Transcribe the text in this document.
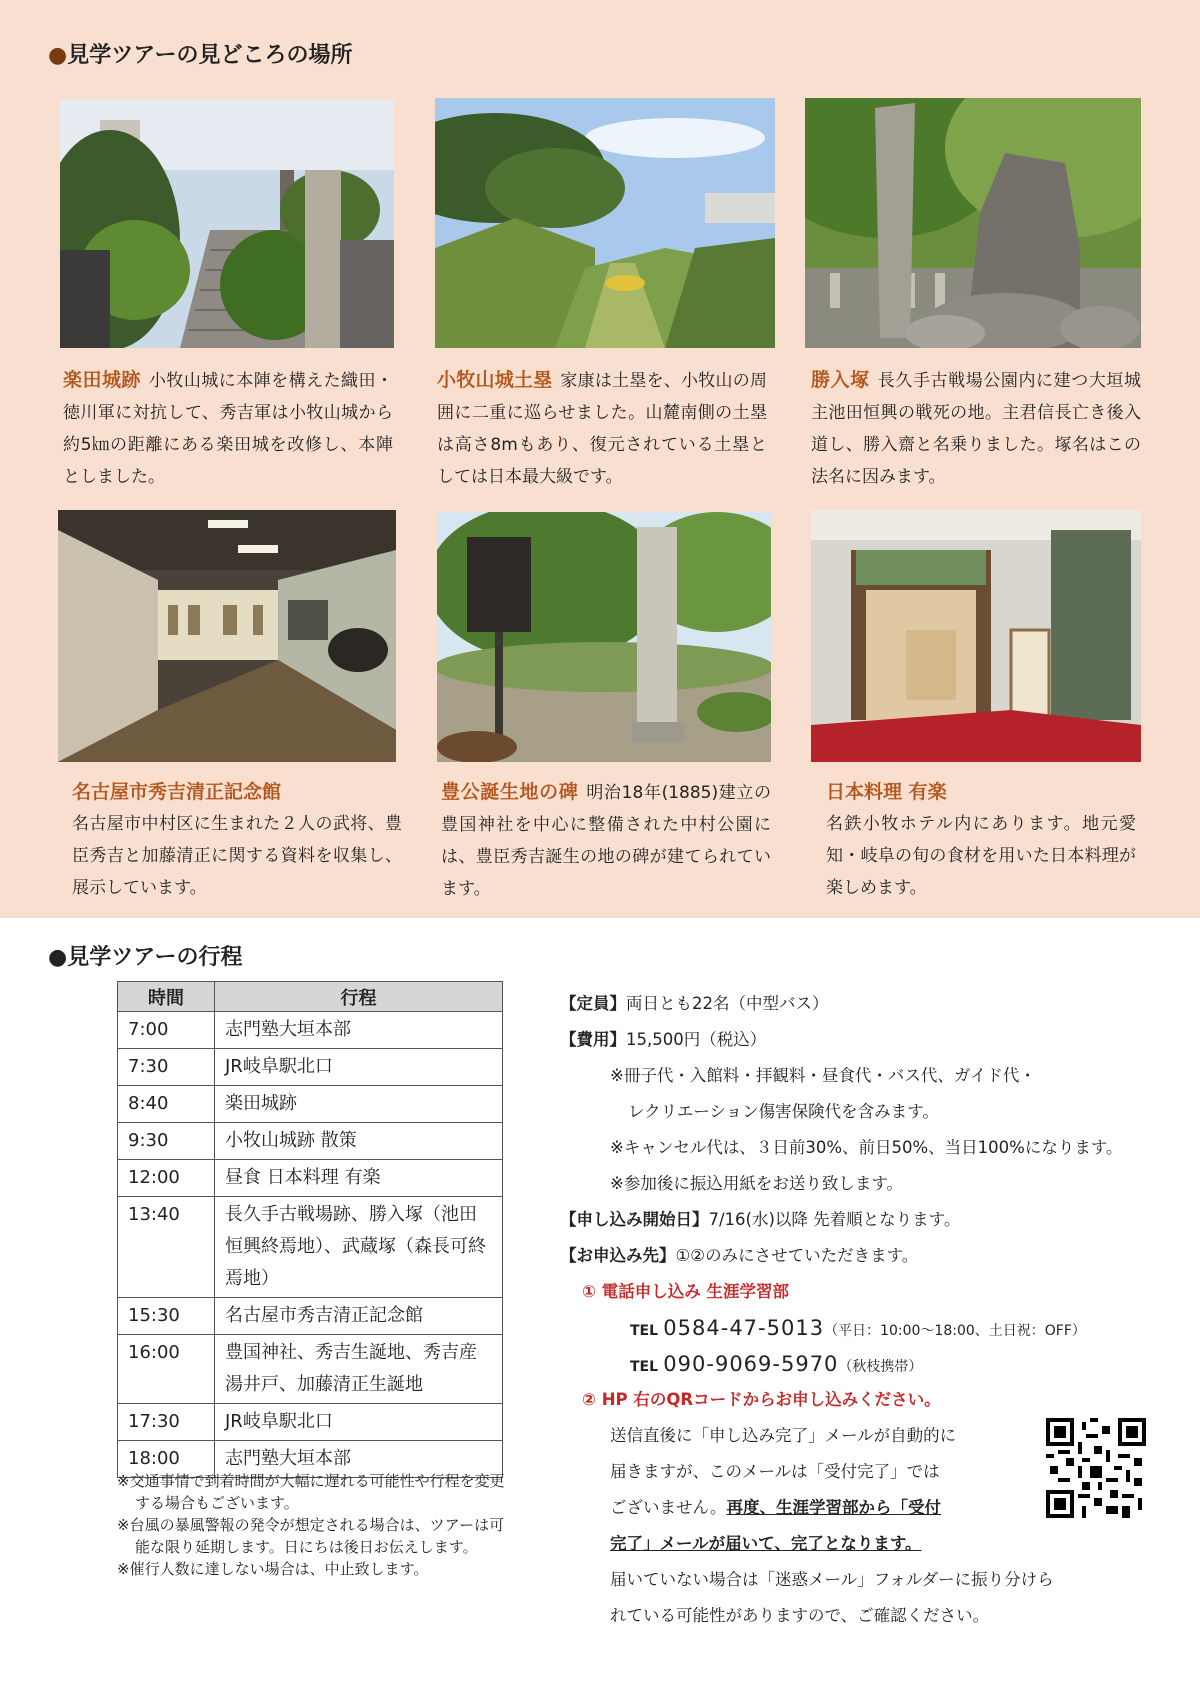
●見学ツアーの見どころの場所
楽田城跡 小牧山城に本陣を構えた織田・徳川軍に対抗して、秀吉軍は小牧山城から約5㎞の距離にある楽田城を改修し、本陣としました。
小牧山城土塁 家康は土塁を、小牧山の周囲に二重に巡らせました。山麓南側の土塁は高さ8mもあり、復元されている土塁としては日本最大級です。
勝入塚 長久手古戦場公園内に建つ大垣城主池田恒興の戦死の地。主君信長亡き後入道し、勝入齋と名乗りました。塚名はこの法名に因みます。
名古屋市秀吉清正記念館
名古屋市中村区に生まれた２人の武将、豊臣秀吉と加藤清正に関する資料を収集し、展示しています。
豊公誕生地の碑 明治18年(1885)建立の豊国神社を中心に整備された中村公園には、豊臣秀吉誕生の地の碑が建てられています。
日本料理 有楽
名鉄小牧ホテル内にあります。地元愛知・岐阜の旬の食材を用いた日本料理が楽しめます。
●見学ツアーの行程
時間	行程
7:00	志門塾大垣本部
7:30	JR岐阜駅北口
8:40	楽田城跡
9:30	小牧山城跡 散策
12:00	昼食 日本料理 有楽
13:40	長久手古戦場跡、勝入塚（池田恒興終焉地）、武蔵塚（森長可終焉地）
15:30	名古屋市秀吉清正記念館
16:00	豊国神社、秀吉生誕地、秀吉産湯井戸、加藤清正生誕地
17:30	JR岐阜駅北口
18:00	志門塾大垣本部

※交通事情で到着時間が大幅に遅れる可能性や行程を変更する場合もございます。

※台風の暴風警報の発令が想定される場合は、ツアーは可能な限り延期します。日にちは後日お伝えします。

※催行人数に達しない場合は、中止致します。

【定員】両日とも22名（中型バス）
【費用】15,500円（税込）
※冊子代・入館料・拝観料・昼食代・バス代、ガイド代・
レクリエーション傷害保険代を含みます。
※キャンセル代は、３日前30%、前日50%、当日100%になります。
※参加後に振込用紙をお送り致します。
【申し込み開始日】7/16(水)以降 先着順となります。
【お申込み先】①②のみにさせていただきます。
① 電話申し込み 生涯学習部
TEL 0584-47-5013（平日：10:00～18:00、土日祝：OFF）
TEL 090-9069-5970（秋枝携帯）
② HP 右のQRコードからお申し込みください。
送信直後に「申し込み完了」メールが自動的に
届きますが、このメールは「受付完了」では
ございません。再度、生涯学習部から「受付
完了」メールが届いて、完了となります。
届いていない場合は「迷惑メール」フォルダーに振り分けら
れている可能性がありますので、ご確認ください。
